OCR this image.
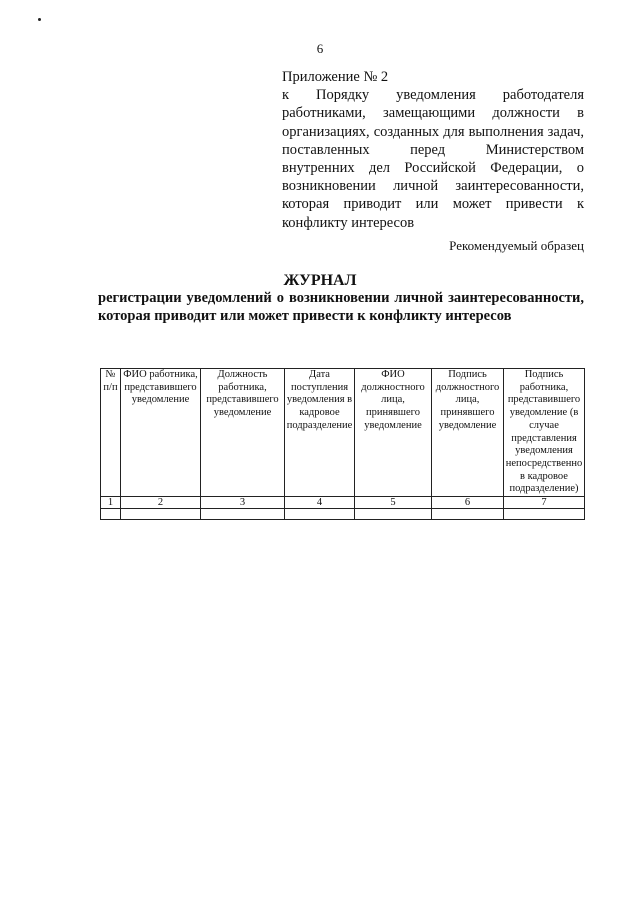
6

Приложение № 2

к Порядку уведомления работодателя работниками, замещающими должности в организациях, созданных для выполнения задач, поставленных перед Министерством внутренних дел Российской Федерации, о возникновении личной заинтересованности, которая приводит или может привести к конфликту интересов

Рекомендуемый образец
ЖУРНАЛ

регистрации уведомлений о возникновении личной заинтересованности, которая приводит или может привести к конфликту интересов

№ п/п	ФИО работника, представившего уведомление	Должность работника, представившего уведомление	Дата поступления уведомления в кадровое подразделение	ФИО должностного лица, принявшего уведомление	Подпись должностного лица, принявшего уведомление	Подпись работника, представившего уведомление (в случае представления уведомления непосредственно в кадровое подразделение)
1	2	3	4	5	6	7
